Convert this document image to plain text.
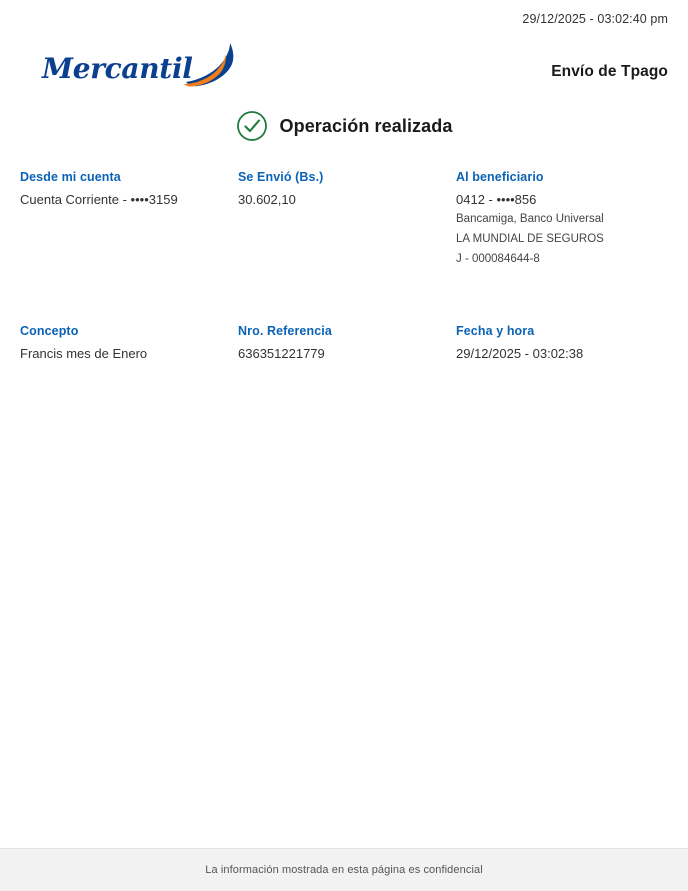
29/12/2025 - 03:02:40 pm
Mercantil	Envío de Tpago
Operación realizada
Desde mi cuenta
Cuenta Corriente - ••••3159
Se Envió (Bs.)
30.602,10
Al beneficiario
0412 - ••••856
Bancamiga, Banco Universal
LA MUNDIAL DE SEGUROS
J - 000084644-8
Concepto
Francis mes de Enero
Nro. Referencia
636351221779
Fecha y hora
29/12/2025 - 03:02:38
La información mostrada en esta página es confidencial
